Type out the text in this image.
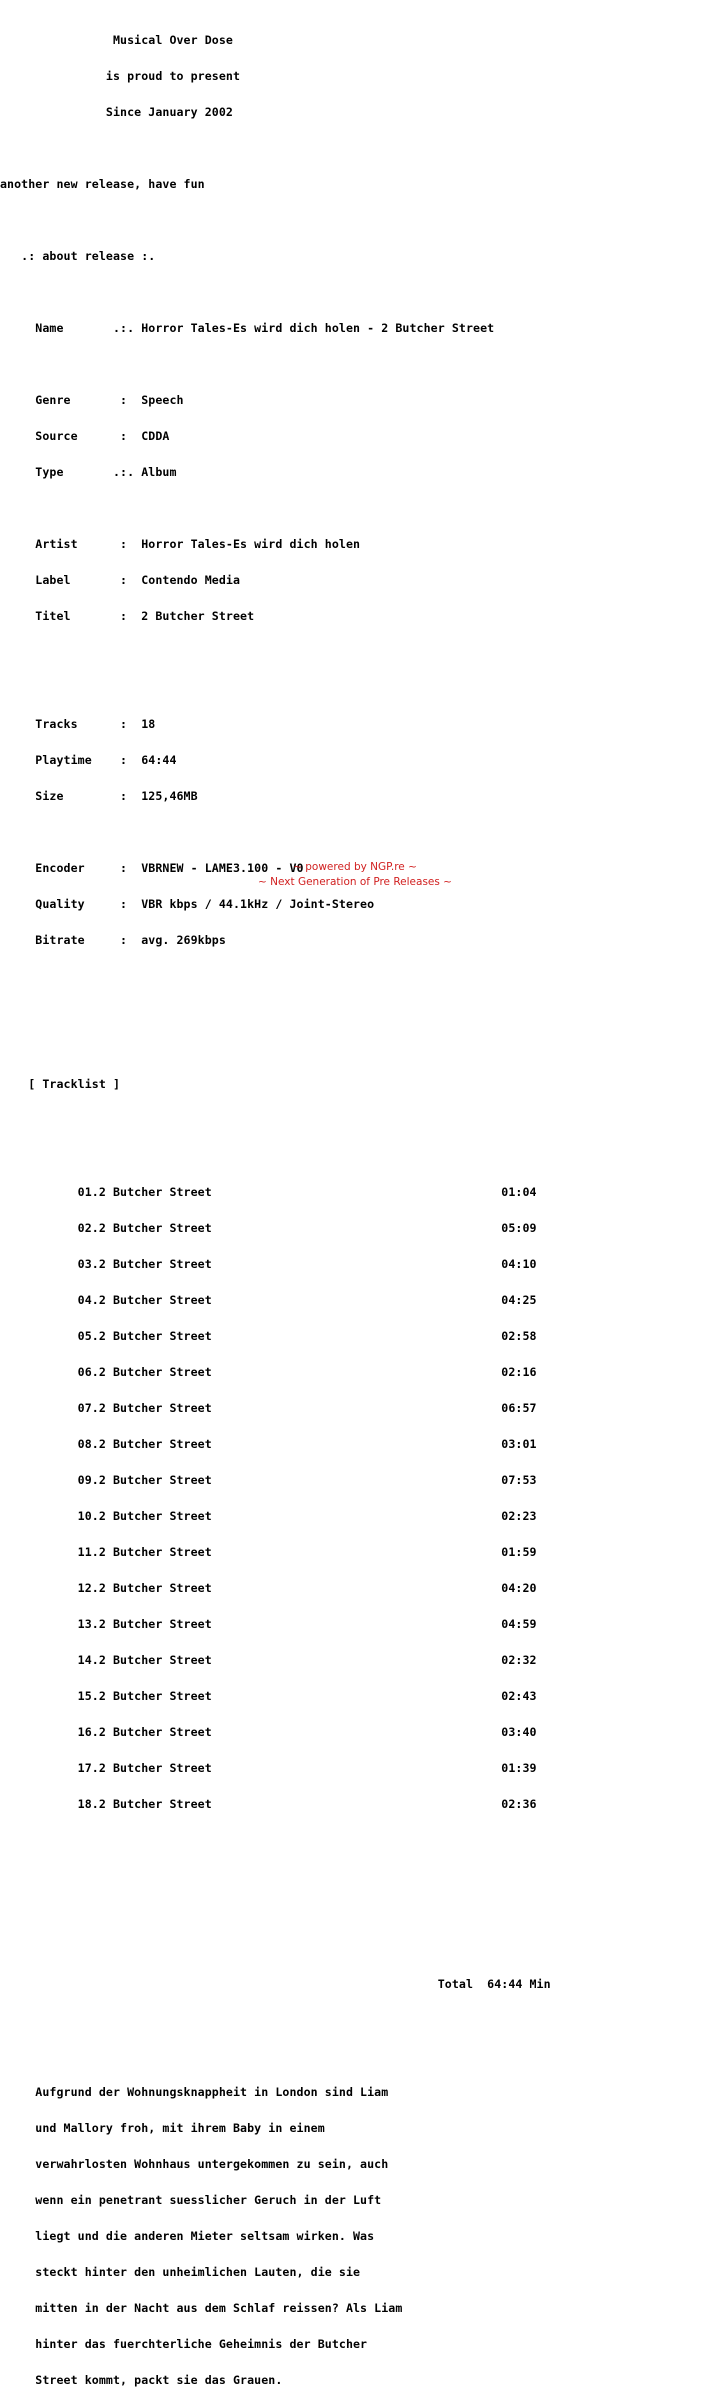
Musical Over Dose

is proud to present

Since January 2002

another new release, have fun

.: about release :.

Name       .:. Horror Tales-Es wird dich holen - 2 Butcher Street

Genre       :  Speech

Source      :  CDDA

Type       .:. Album

Artist      :  Horror Tales-Es wird dich holen

Label       :  Contendo Media

Titel       :  2 Butcher Street

Tracks      :  18

Playtime    :  64:44

Size        :  125,46MB

Encoder     :  VBRNEW - LAME3.100 - V0

Quality     :  VBR kbps / 44.1kHz / Joint-Stereo

Bitrate     :  avg. 269kbps

[ Tracklist ]

01.2 Butcher Street                                         01:04

02.2 Butcher Street                                         05:09

03.2 Butcher Street                                         04:10

04.2 Butcher Street                                         04:25

05.2 Butcher Street                                         02:58

06.2 Butcher Street                                         02:16

07.2 Butcher Street                                         06:57

08.2 Butcher Street                                         03:01

09.2 Butcher Street                                         07:53

10.2 Butcher Street                                         02:23

11.2 Butcher Street                                         01:59

12.2 Butcher Street                                         04:20

13.2 Butcher Street                                         04:59

14.2 Butcher Street                                         02:32

15.2 Butcher Street                                         02:43

16.2 Butcher Street                                         03:40

17.2 Butcher Street                                         01:39

18.2 Butcher Street                                         02:36

Total  64:44 Min

Aufgrund der Wohnungsknappheit in London sind Liam

und Mallory froh, mit ihrem Baby in einem

verwahrlosten Wohnhaus untergekommen zu sein, auch

wenn ein penetrant suesslicher Geruch in der Luft

liegt und die anderen Mieter seltsam wirken. Was

steckt hinter den unheimlichen Lauten, die sie

mitten in der Nacht aus dem Schlaf reissen? Als Liam

hinter das fuerchterliche Geheimnis der Butcher

Street kommt, packt sie das Grauen.

~ powered by NGP.re ~
~ Next Generation of Pre Releases ~
